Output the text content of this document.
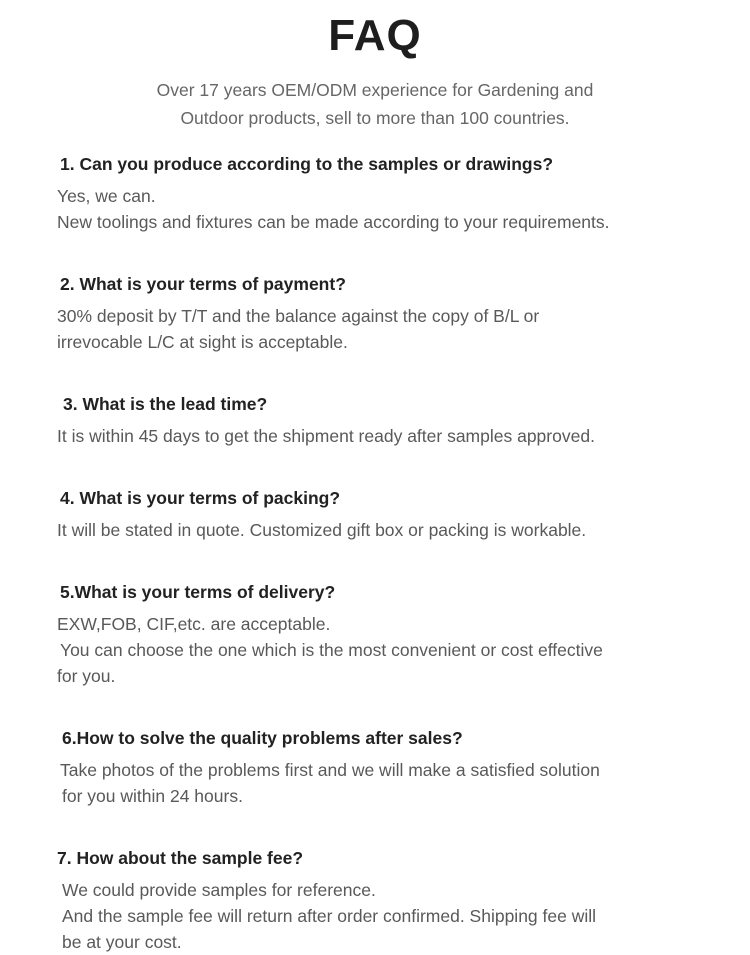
FAQ
Over 17 years OEM/ODM experience for Gardening and
Outdoor products, sell to more than 100 countries.
1. Can you produce according to the samples or drawings?
Yes, we can.
New toolings and fixtures can be made according to your requirements.
2. What is your terms of payment?
30% deposit by T/T and the balance against the copy of B/L or
irrevocable L/C at sight is acceptable.
3. What is the lead time?
It is within 45 days to get the shipment ready after samples approved.
4. What is your terms of packing?
It will be stated in quote. Customized gift box or packing is workable.
5.What is your terms of delivery?
EXW,FOB, CIF,etc. are acceptable.
You can choose the one which is the most convenient or cost effective
for you.
6.How to solve the quality problems after sales?
Take photos of the problems first and we will make a satisfied solution
for you within 24 hours.
7. How about the sample fee?
We could provide samples for reference.
And the sample fee will return after order confirmed. Shipping fee will
be at your cost.
